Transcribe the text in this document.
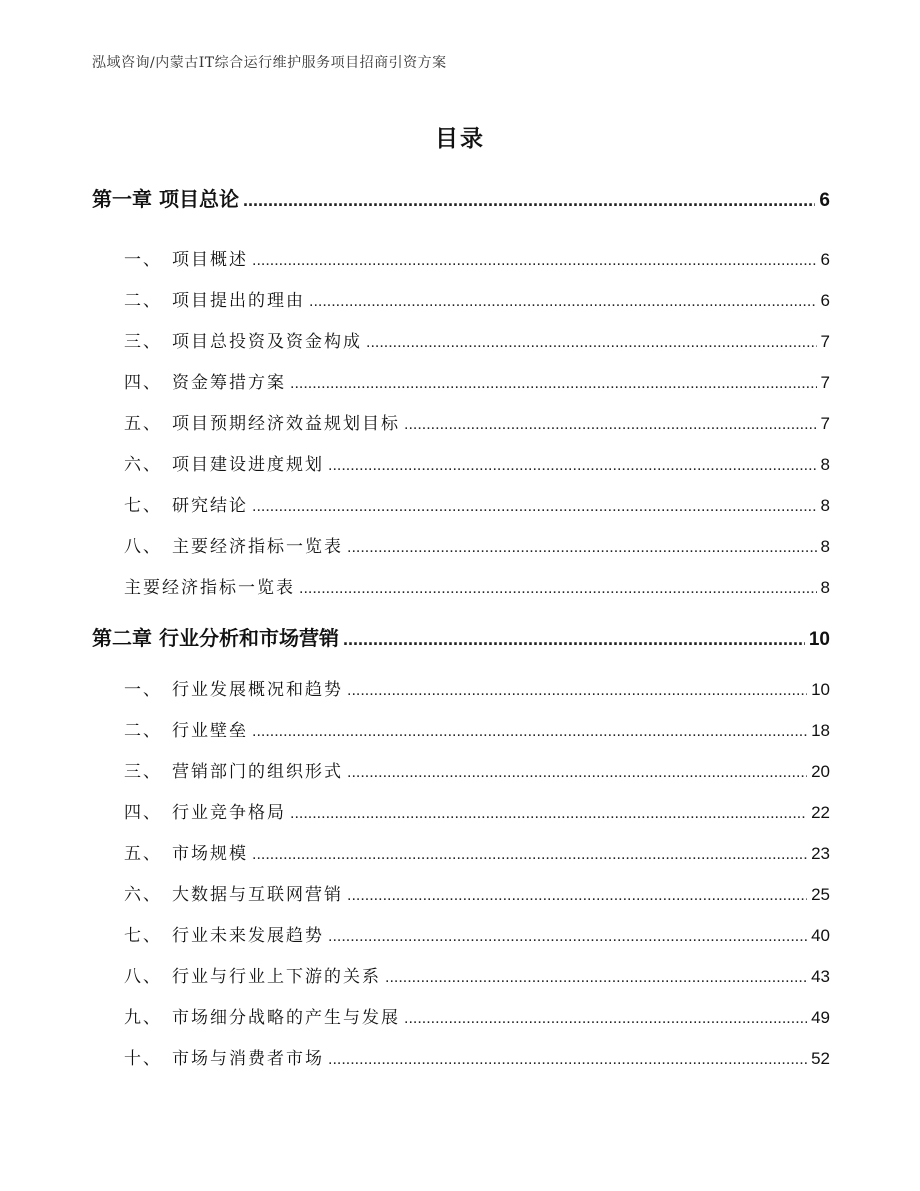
泓域咨询/内蒙古IT综合运行维护服务项目招商引资方案
目录
第一章 项目总论 .....	6
一、 项目概述 .....	6
二、 项目提出的理由 .....	6
三、 项目总投资及资金构成 .....	7
四、 资金筹措方案 .....	7
五、 项目预期经济效益规划目标 .....	7
六、 项目建设进度规划 .....	8
七、 研究结论 .....	8
八、 主要经济指标一览表 .....	8
主要经济指标一览表 .....	8
第二章 行业分析和市场营销 .....	10
一、 行业发展概况和趋势 .....	10
二、 行业壁垒 .....	18
三、 营销部门的组织形式 .....	20
四、 行业竞争格局 .....	22
五、 市场规模 .....	23
六、 大数据与互联网营销 .....	25
七、 行业未来发展趋势 .....	40
八、 行业与行业上下游的关系 .....	43
九、 市场细分战略的产生与发展 .....	49
十、 市场与消费者市场 .....	52
